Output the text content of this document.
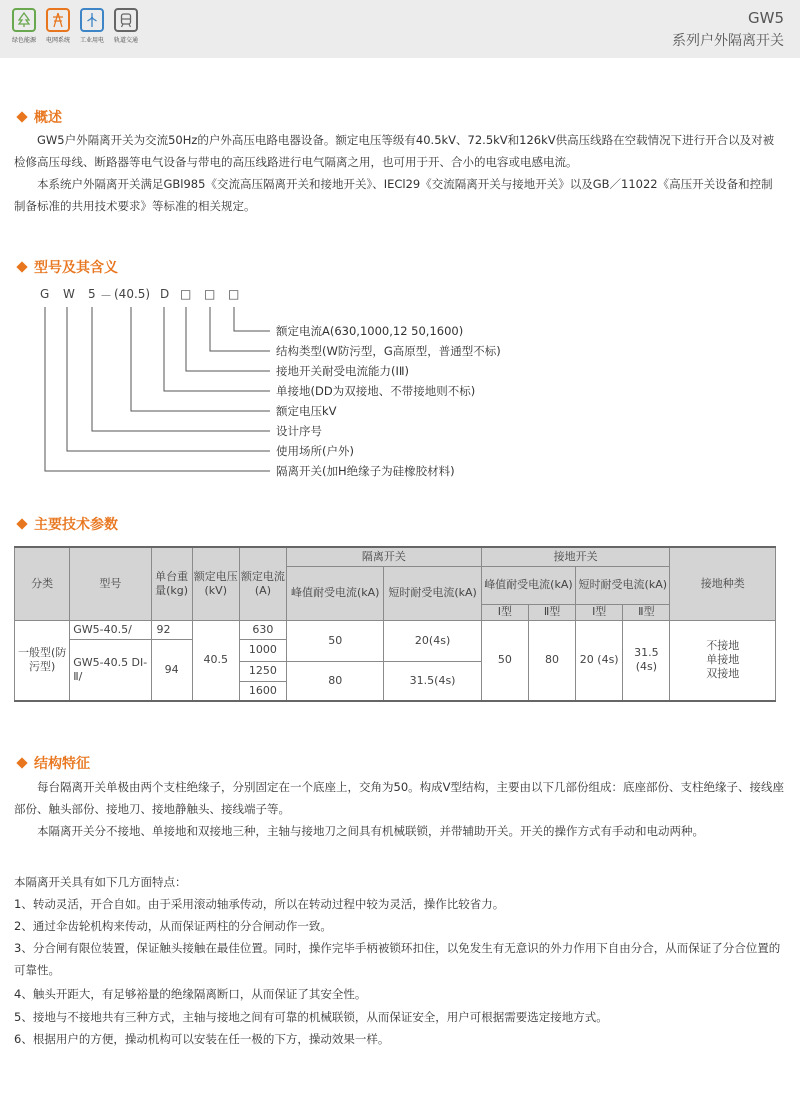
绿色能源	电网系统	工业用电	轨道交通
GW5
系列户外隔离开关
概述

GW5户外隔离开关为交流50Hz的户外高压电路电器设备。额定电压等级有40.5kV、72.5kV和126kV供高压线路在空载情况下进行开合以及对被检修高压母线、断路器等电气设备与带电的高压线路进行电气隔离之用，也可用于开、合小的电容或电感电流。

本系统户外隔离开关满足GBl985《交流高压隔离开关和接地开关》、IECl29《交流隔离开关与接地开关》以及GB／11022《高压开关设备和控制制备标准的共用技术要求》等标准的相关规定。

型号及其含义
G W 5 － (40.5) D □ □ □
额定电流A(630,1000,12 50,1600)
结构类型(W防污型，G高原型，普通型不标)
接地开关耐受电流能力(ⅠⅡ)
单接地(DD为双接地、不带接地则不标)
额定电压kV
设计序号
使用场所(户外)
隔离开关(加H绝缘子为硅橡胶材料)
主要技术参数
分类	型号	单台重量(kg)	额定电压(kV)	额定电流(A)	隔离开关		接地开关				接地种类
					峰值耐受电流(kA)	短时耐受电流(kA)	峰值耐受电流(kA)		短时耐受电流(kA)		

							Ⅰ型	Ⅱ型	Ⅰ型	Ⅱ型	
一般型(防污型)	GW5-40.5/	92	40.5	630	50	20(4s)	50	80	20 (4s)	31.5 (4s)	不接地
单接地
双接地

	GW5-40.5 DI-Ⅱ/	94		1000							
				1250	80	31.5(4s)					
				1600							
结构特征

每台隔离开关单极由两个支柱绝缘子，分别固定在一个底座上，交角为50。构成V型结构，主要由以下几部份组成：底座部份、支柱绝缘子、接线座部份、触头部份、接地刀、接地静触头、接线端子等。

本隔离开关分不接地、单接地和双接地三种，主轴与接地刀之间具有机械联锁，并带辅助开关。开关的操作方式有手动和电动两种。

本隔离开关具有如下几方面特点：

1、转动灵活，开合自如。由于采用滚动轴承传动，所以在转动过程中较为灵活，操作比较省力。

2、通过伞齿轮机构来传动，从而保证两柱的分合闸动作一致。

3、分合闸有限位装置，保证触头接触在最佳位置。同时，操作完毕手柄被锁环扣住，以免发生有无意识的外力作用下自由分合，从而保证了分合位置的可靠性。

4、触头开距大，有足够裕量的绝缘隔离断口，从而保证了其安全性。

5、接地与不接地共有三种方式，主轴与接地之间有可靠的机械联锁，从而保证安全，用户可根据需要选定接地方式。

6、根据用户的方便，操动机构可以安装在任一极的下方，操动效果一样。
